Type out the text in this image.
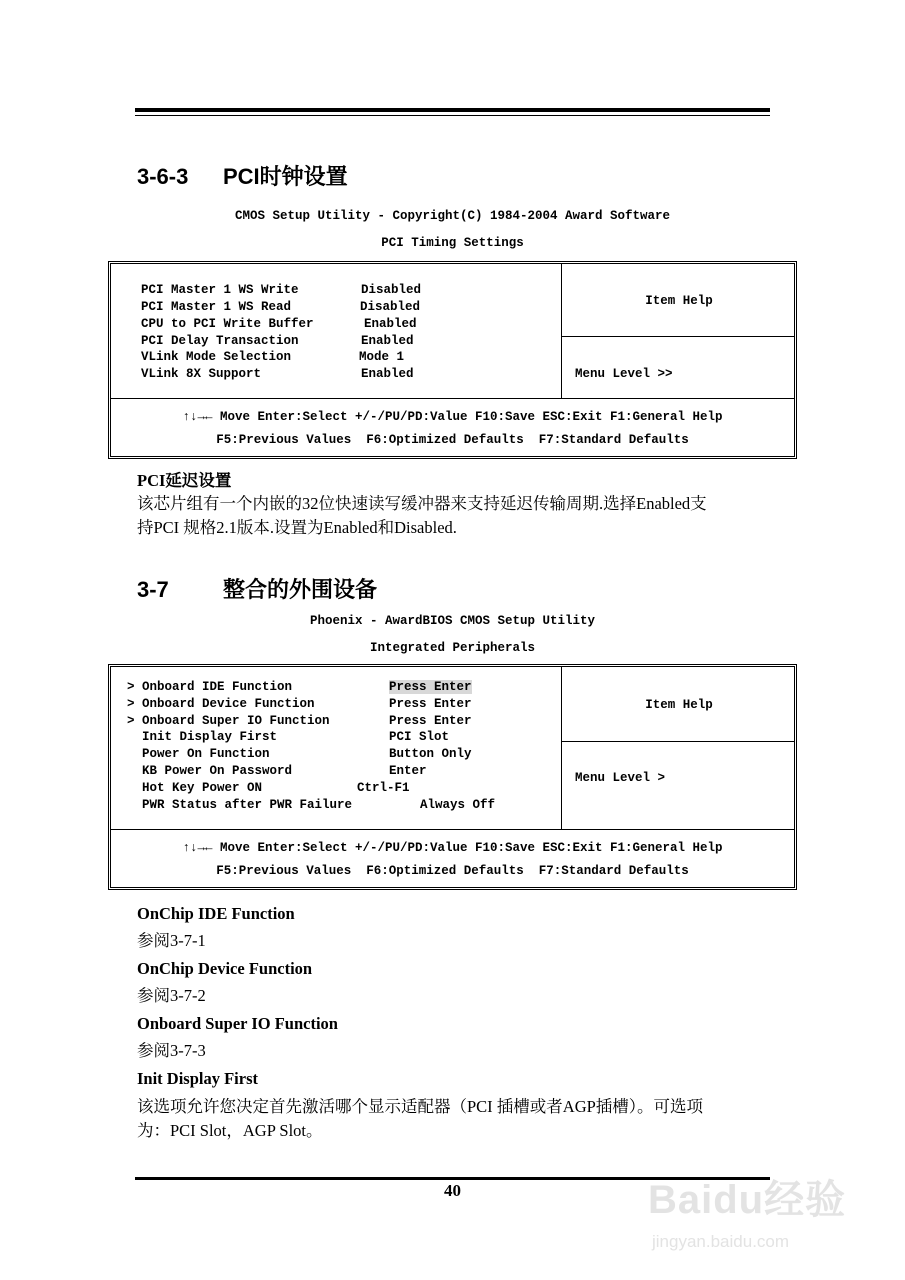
3-6-3 PCI时钟设置
CMOS Setup Utility - Copyright(C) 1984-2004 Award Software
PCI Timing Settings
PCI Master 1 WS Write	Disabled
PCI Master 1 WS Read	Disabled
CPU to PCI Write Buffer	Enabled
PCI Delay Transaction	Enabled
VLink Mode Selection	Mode 1
VLink 8X Support	Enabled
Item Help
Menu Level >>
↑↓→← Move Enter:Select +/-/PU/PD:Value F10:Save ESC:Exit F1:General Help
F5:Previous Values  F6:Optimized Defaults  F7:Standard Defaults
PCI延迟设置
该芯片组有一个内嵌的32位快速读写缓冲器来支持延迟传输周期.选择Enabled支
持PCI 规格2.1版本.设置为Enabled和Disabled.
3-7 整合的外围设备
Phoenix - AwardBIOS CMOS Setup Utility
Integrated Peripherals
> Onboard IDE Function	Press Enter
> Onboard Device Function	Press Enter
> Onboard Super IO Function	Press Enter
Init Display First	PCI Slot
Power On Function	Button Only
KB Power On Password	Enter
Hot Key Power ON	Ctrl-F1
PWR Status after PWR Failure	Always Off
Item Help
Menu Level >
↑↓→← Move Enter:Select +/-/PU/PD:Value F10:Save ESC:Exit F1:General Help
F5:Previous Values  F6:Optimized Defaults  F7:Standard Defaults
OnChip IDE Function
参阅3-7-1
OnChip Device Function
参阅3-7-2
Onboard Super IO Function
参阅3-7-3
Init Display First
该选项允许您决定首先激活哪个显示适配器（PCI 插槽或者AGP插槽）。可选项
为：PCI Slot，AGP Slot。
40	Baidu经验
jingyan.baidu.com
